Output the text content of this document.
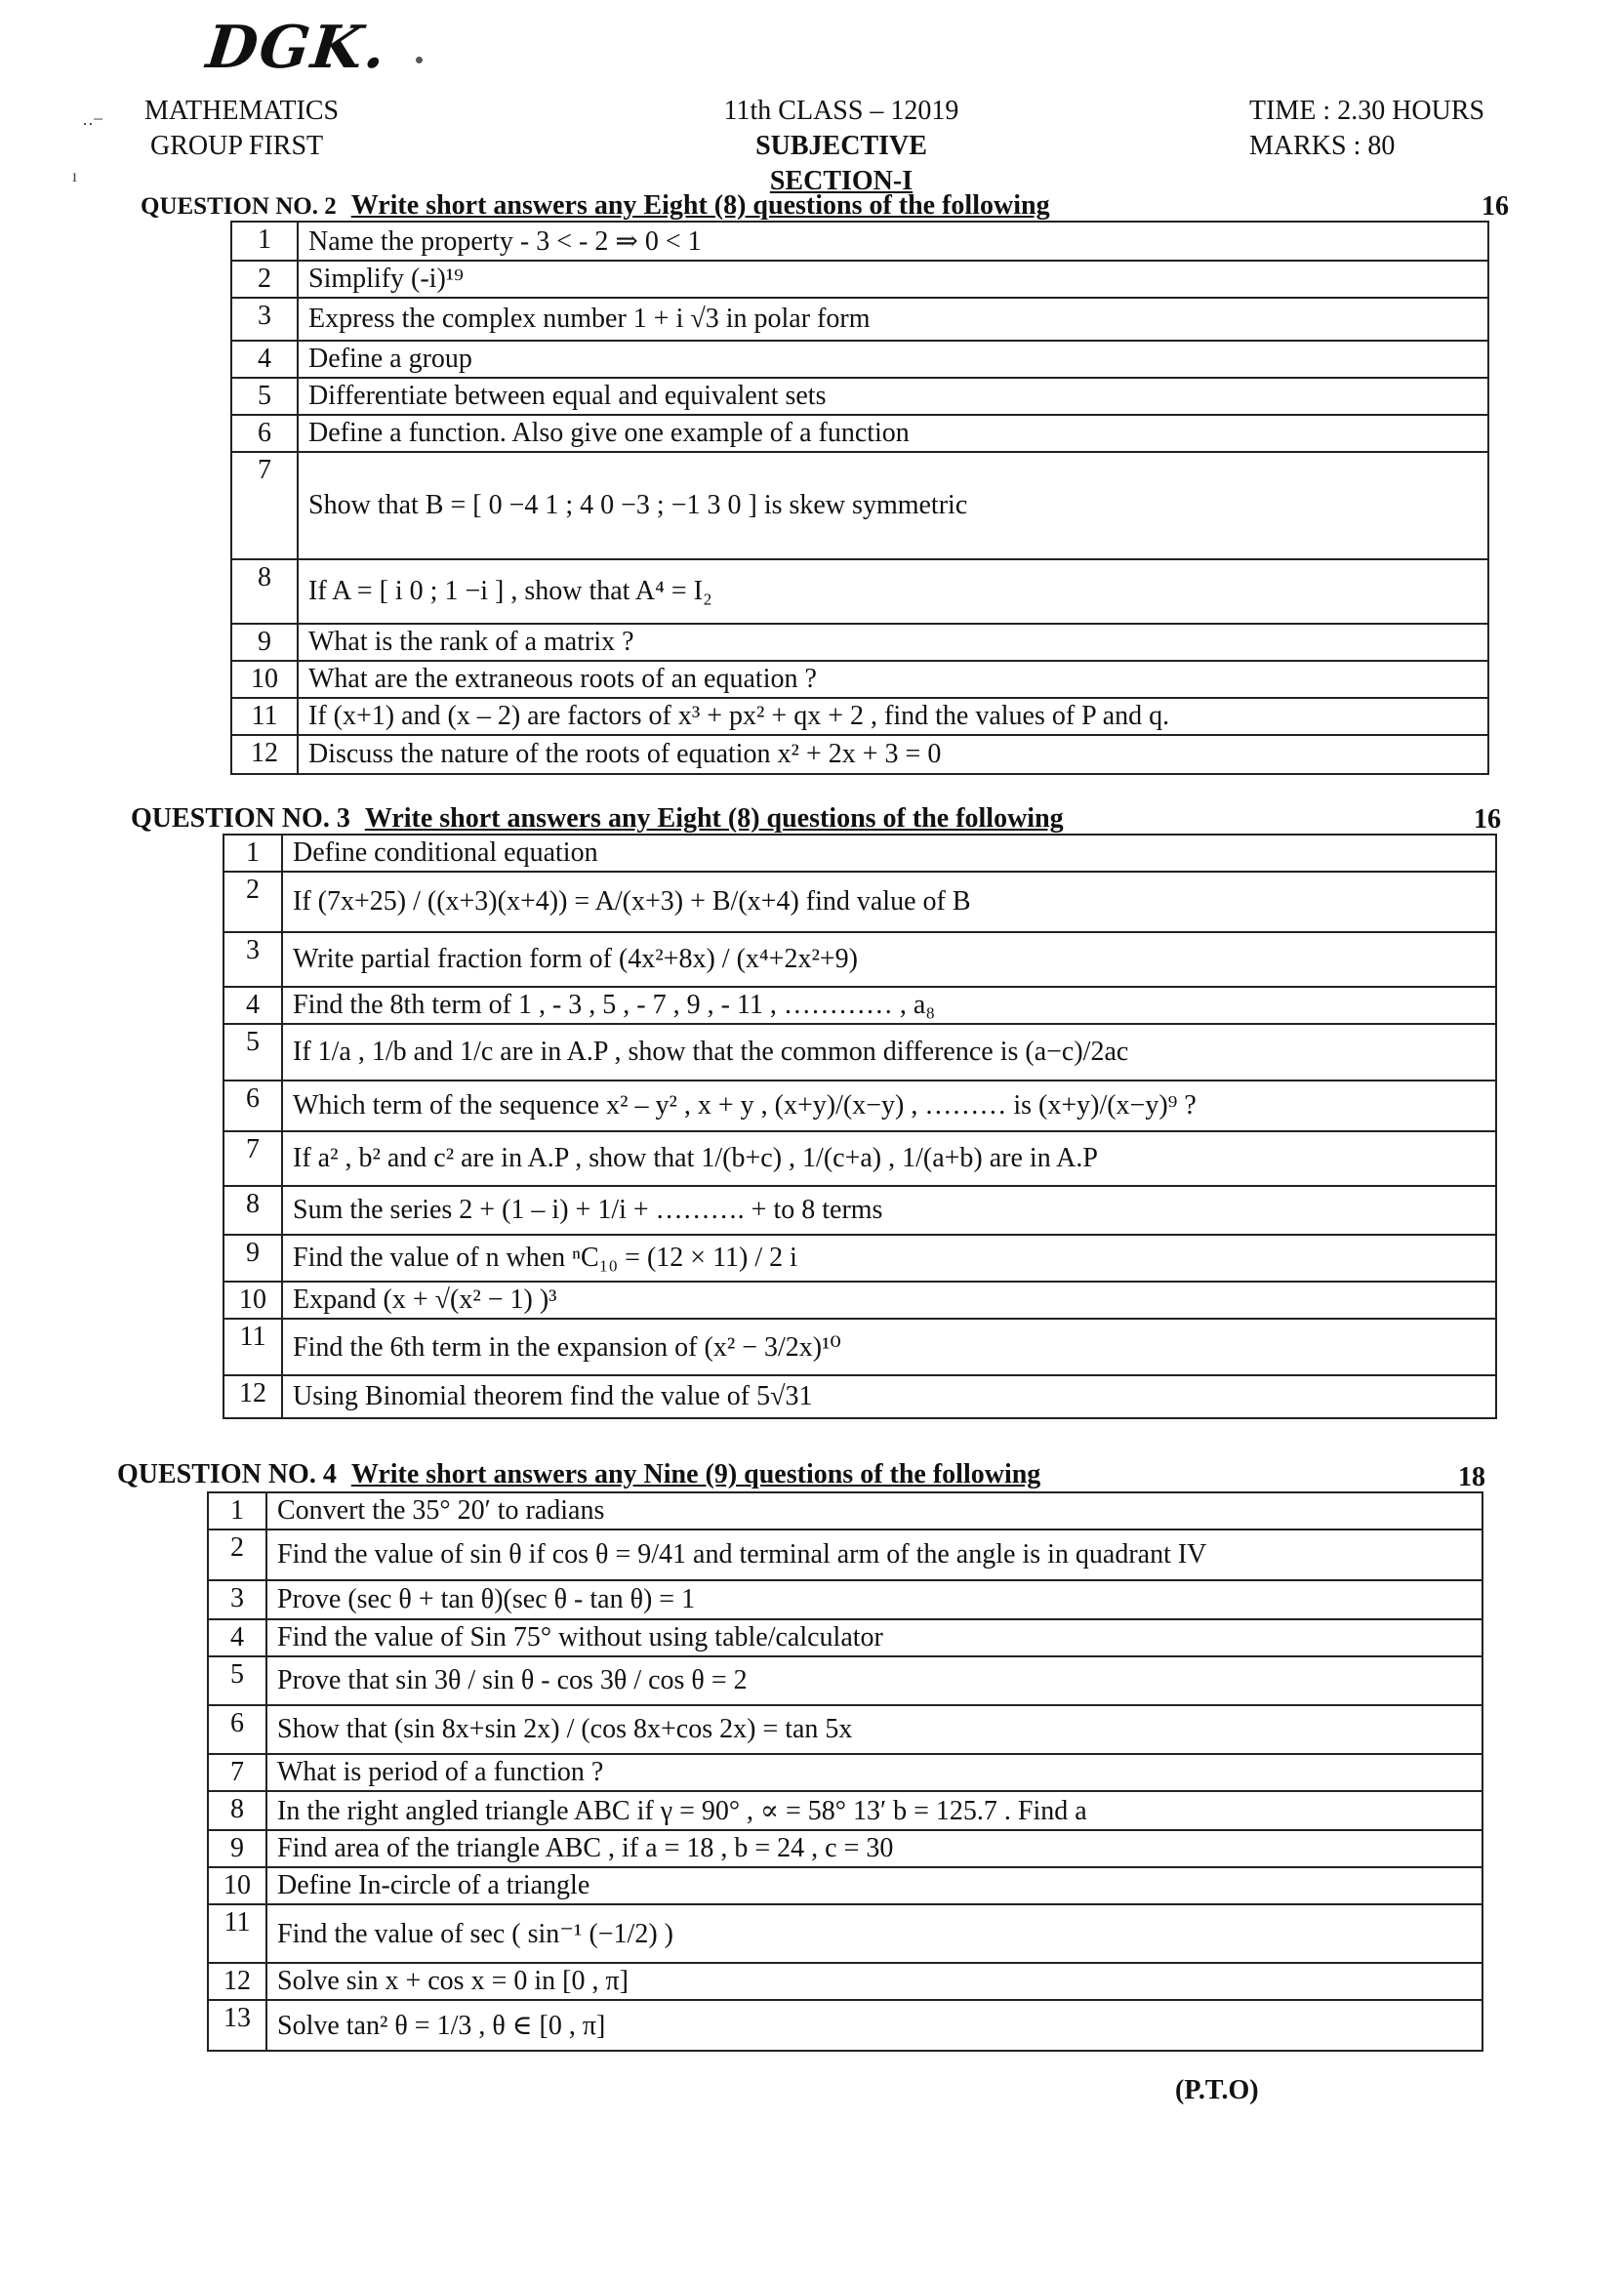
DGK.
‥ ̶
ı
MATHEMATICS
GROUP FIRST
11th CLASS – 12019
SUBJECTIVE
SECTION-I
TIME : 2.30 HOURS
MARKS : 80
QUESTION NO. 2 Write short answers any Eight (8) questions of the following	16
1	Name the property - 3 < - 2 ⇒ 0 < 1
2	Simplify (-i)¹⁹
3	Express the complex number 1 + i √3 in polar form
4	Define a group
5	Differentiate between equal and equivalent sets
6	Define a function. Also give one example of a function
7	Show that B = [ 0 −4 1 ; 4 0 −3 ; −1 3 0 ] is skew symmetric
8	If A = [ i 0 ; 1 −i ] , show that A⁴ = I₂
9	What is the rank of a matrix ?
10	What are the extraneous roots of an equation ?
11	If (x+1) and (x – 2) are factors of x³ + px² + qx + 2 , find the values of P and q.
12	Discuss the nature of the roots of equation x² + 2x + 3 = 0
QUESTION NO. 3 Write short answers any Eight (8) questions of the following	16
1	Define conditional equation
2	If (7x+25) / ((x+3)(x+4)) = A/(x+3) + B/(x+4) find value of B
3	Write partial fraction form of (4x²+8x) / (x⁴+2x²+9)
4	Find the 8th term of 1 , - 3 , 5 , - 7 , 9 , - 11 , ………… , a₈
5	If 1/a , 1/b and 1/c are in A.P , show that the common difference is (a−c)/2ac
6	Which term of the sequence x² – y² , x + y , (x+y)/(x−y) , ……… is (x+y)/(x−y)⁹ ?
7	If a² , b² and c² are in A.P , show that 1/(b+c) , 1/(c+a) , 1/(a+b) are in A.P
8	Sum the series 2 + (1 – i) + 1/i + ………. + to 8 terms
9	Find the value of n when ⁿC₁₀ = (12 × 11) / 2 i
10	Expand (x + √(x² − 1) )³
11	Find the 6th term in the expansion of (x² − 3/2x)¹⁰
12	Using Binomial theorem find the value of 5√31
QUESTION NO. 4 Write short answers any Nine (9) questions of the following	18
1	Convert the 35° 20′ to radians
2	Find the value of sin θ if cos θ = 9/41 and terminal arm of the angle is in quadrant IV
3	Prove (sec θ + tan θ)(sec θ - tan θ) = 1
4	Find the value of Sin 75° without using table/calculator
5	Prove that sin 3θ / sin θ - cos 3θ / cos θ = 2
6	Show that (sin 8x+sin 2x) / (cos 8x+cos 2x) = tan 5x
7	What is period of a function ?
8	In the right angled triangle ABC if γ = 90° , ∝ = 58° 13′ b = 125.7 . Find a
9	Find area of the triangle ABC , if a = 18 , b = 24 , c = 30
10	Define In-circle of a triangle
11	Find the value of sec ( sin⁻¹ (−1/2) )
12	Solve sin x + cos x = 0 in [0 , π]
13	Solve tan² θ = 1/3 , θ ∈ [0 , π]
(P.T.O)
